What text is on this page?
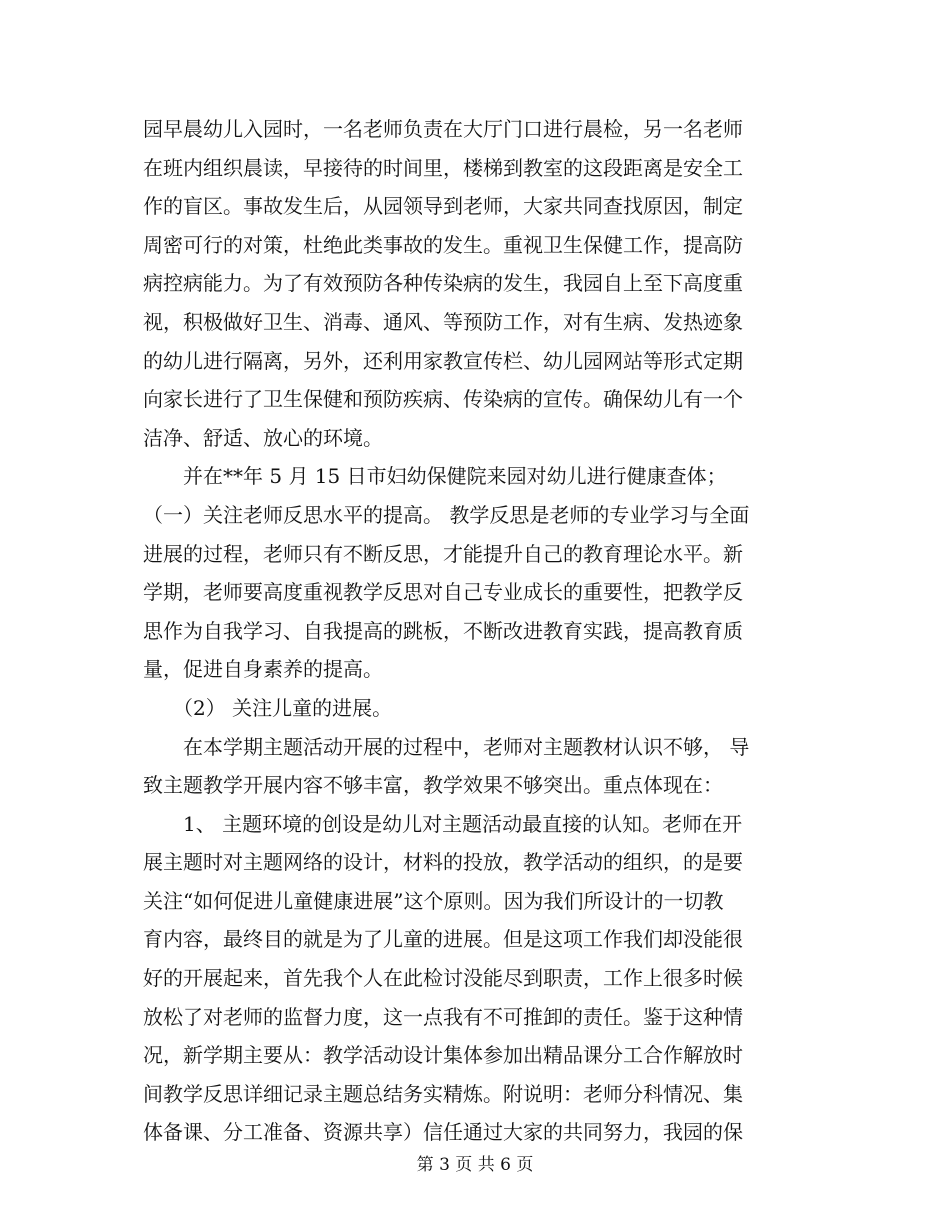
园早晨幼儿入园时，一名老师负责在大厅门口进行晨检，另一名老师
在班内组织晨读，早接待的时间里，楼梯到教室的这段距离是安全工
作的盲区。事故发生后，从园领导到老师，大家共同查找原因，制定
周密可行的对策，杜绝此类事故的发生。重视卫生保健工作，提高防
病控病能力。为了有效预防各种传染病的发生，我园自上至下高度重
视，积极做好卫生、消毒、通风、等预防工作，对有生病、发热迹象
的幼儿进行隔离，另外，还利用家教宣传栏、幼儿园网站等形式定期
向家长进行了卫生保健和预防疾病、传染病的宣传。确保幼儿有一个
洁净、舒适、放心的环境。
　　并在**年 5 月 15 日市妇幼保健院来园对幼儿进行健康查体；
（一）关注老师反思水平的提高。 教学反思是老师的专业学习与全面
进展的过程，老师只有不断反思，才能提升自己的教育理论水平。新
学期，老师要高度重视教学反思对自己专业成长的重要性，把教学反
思作为自我学习、自我提高的跳板，不断改进教育实践，提高教育质
量，促进自身素养的提高。
　　（2） 关注儿童的进展。
　　在本学期主题活动开展的过程中，老师对主题教材认识不够， 导
致主题教学开展内容不够丰富，教学效果不够突出。重点体现在：
　　1、 主题环境的创设是幼儿对主题活动最直接的认知。老师在开
展主题时对主题网络的设计，材料的投放，教学活动的组织，的是要
关注“如何促进儿童健康进展”这个原则。因为我们所设计的一切教
育内容，最终目的就是为了儿童的进展。但是这项工作我们却没能很
好的开展起来，首先我个人在此检讨没能尽到职责，工作上很多时候
放松了对老师的监督力度，这一点我有不可推卸的责任。鉴于这种情
况，新学期主要从：教学活动设计集体参加出精品课分工合作解放时
间教学反思详细记录主题总结务实精炼。附说明：老师分科情况、集
体备课、分工准备、资源共享）信任通过大家的共同努力，我园的保
第 3 页 共 6 页
